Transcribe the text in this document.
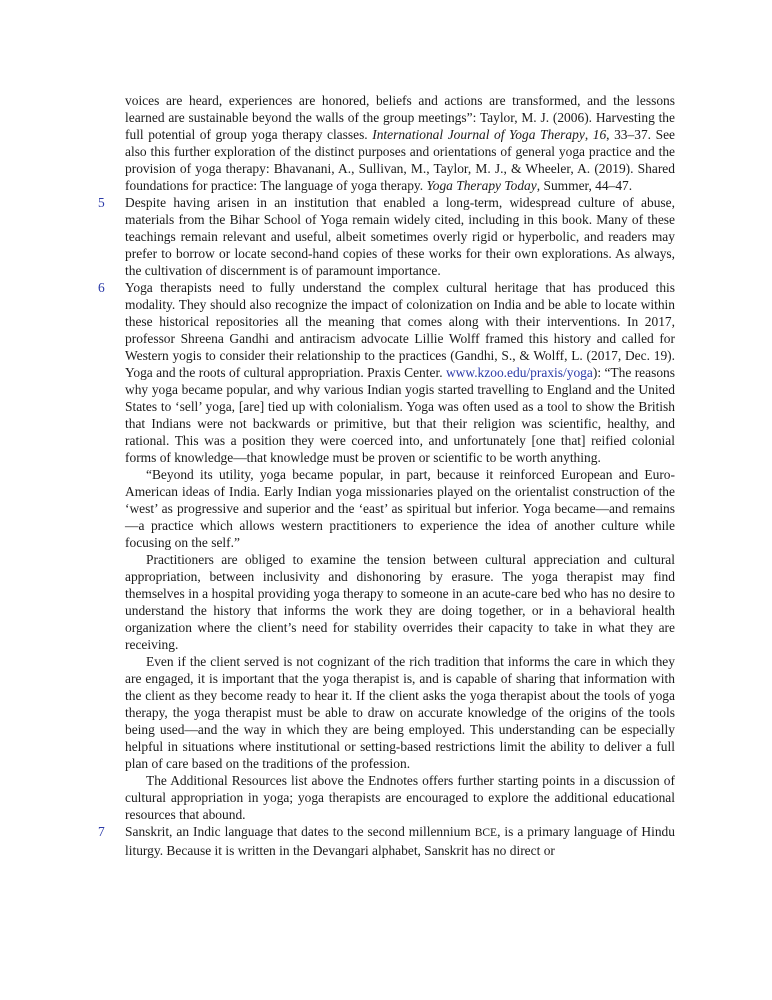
voices are heard, experiences are honored, beliefs and actions are transformed, and the lessons learned are sustainable beyond the walls of the group meetings”: Taylor, M. J. (2006). Harvesting the full potential of group yoga therapy classes. International Journal of Yoga Therapy, 16, 33–37. See also this further exploration of the distinct purposes and orientations of general yoga practice and the provision of yoga therapy: Bhavanani, A., Sullivan, M., Taylor, M. J., & Wheeler, A. (2019). Shared foundations for practice: The language of yoga therapy. Yoga Therapy Today, Summer, 44–47.

5 Despite having arisen in an institution that enabled a long-term, widespread culture of abuse, materials from the Bihar School of Yoga remain widely cited, including in this book. Many of these teachings remain relevant and useful, albeit sometimes overly rigid or hyperbolic, and readers may prefer to borrow or locate second-hand copies of these works for their own explorations. As always, the cultivation of discernment is of paramount importance.

6 Yoga therapists need to fully understand the complex cultural heritage that has produced this modality. They should also recognize the impact of colonization on India and be able to locate within these historical repositories all the meaning that comes along with their interventions. In 2017, professor Shreena Gandhi and antiracism advocate Lillie Wolff framed this history and called for Western yogis to consider their relationship to the practices (Gandhi, S., & Wolff, L. (2017, Dec. 19). Yoga and the roots of cultural appropriation. Praxis Center. www.kzoo.edu/praxis/yoga): “The reasons why yoga became popular, and why various Indian yogis started travelling to England and the United States to ‘sell’ yoga, [are] tied up with colonialism. Yoga was often used as a tool to show the British that Indians were not backwards or primitive, but that their religion was scientific, healthy, and rational. This was a position they were coerced into, and unfortunately [one that] reified colonial forms of knowledge—that knowledge must be proven or scientific to be worth anything.

“Beyond its utility, yoga became popular, in part, because it reinforced European and Euro-American ideas of India. Early Indian yoga missionaries played on the orientalist construction of the ‘west’ as progressive and superior and the ‘east’ as spiritual but inferior. Yoga became—and remains—a practice which allows western practitioners to experience the idea of another culture while focusing on the self.”

Practitioners are obliged to examine the tension between cultural appreciation and cultural appropriation, between inclusivity and dishonoring by erasure. The yoga therapist may find themselves in a hospital providing yoga therapy to someone in an acute-care bed who has no desire to understand the history that informs the work they are doing together, or in a behavioral health organization where the client’s need for stability overrides their capacity to take in what they are receiving.

Even if the client served is not cognizant of the rich tradition that informs the care in which they are engaged, it is important that the yoga therapist is, and is capable of sharing that information with the client as they become ready to hear it. If the client asks the yoga therapist about the tools of yoga therapy, the yoga therapist must be able to draw on accurate knowledge of the origins of the tools being used—and the way in which they are being employed. This understanding can be especially helpful in situations where institutional or setting-based restrictions limit the ability to deliver a full plan of care based on the traditions of the profession.

The Additional Resources list above the Endnotes offers further starting points in a discussion of cultural appropriation in yoga; yoga therapists are encouraged to explore the additional educational resources that abound.

7 Sanskrit, an Indic language that dates to the second millennium BCE, is a primary language of Hindu liturgy. Because it is written in the Devangari alphabet, Sanskrit has no direct or
